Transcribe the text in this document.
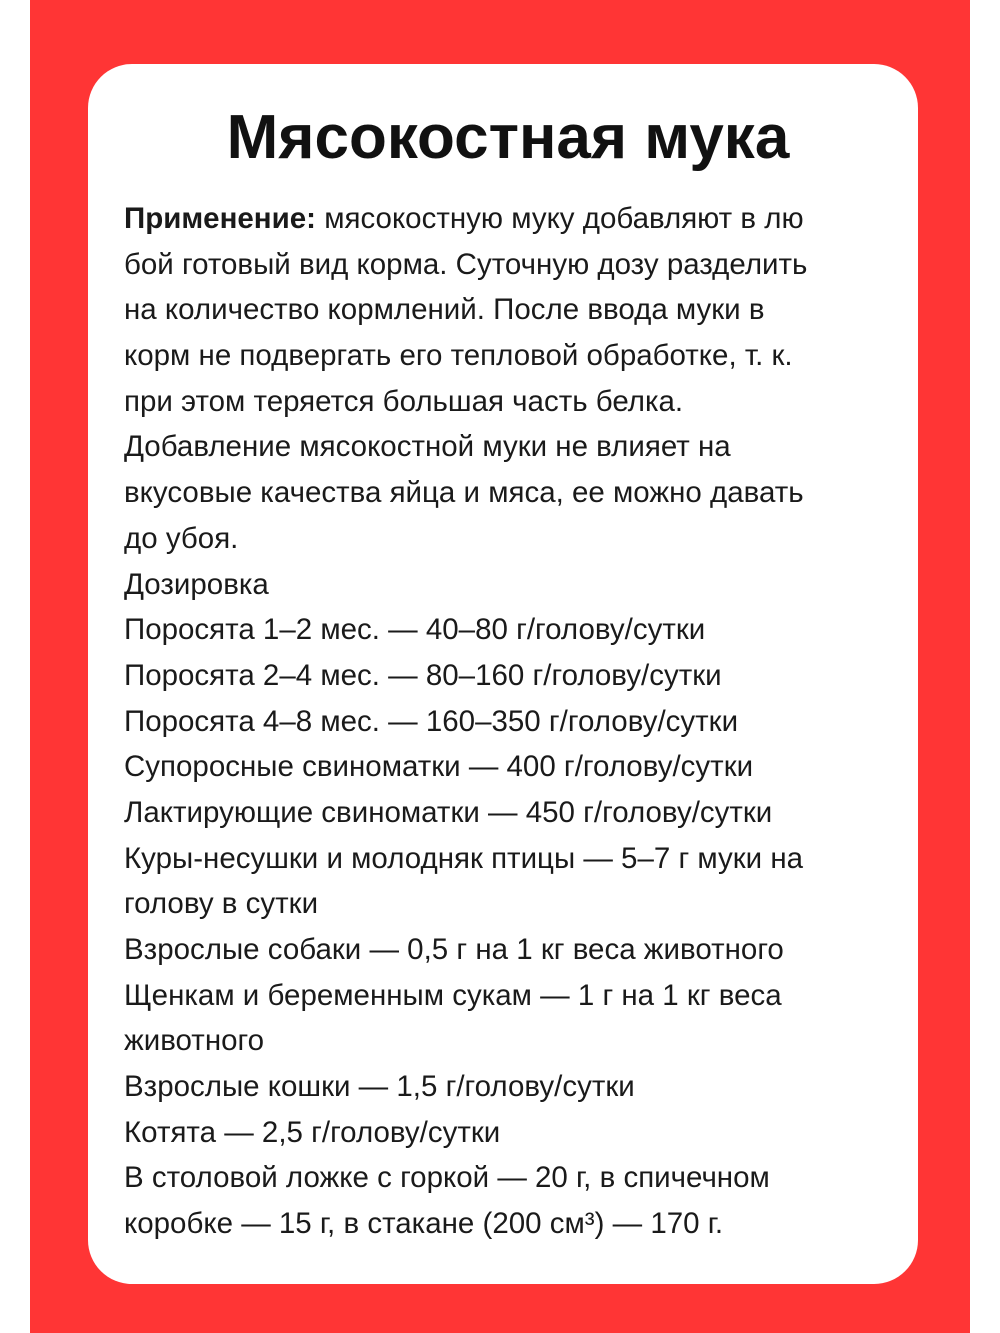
Мясокостная мука
Применение: мясокостную муку добавляют в лю
бой готовый вид корма. Суточную дозу разделить
на количество кормлений. После ввода муки в
корм не подвергать его тепловой обработке, т. к.
при этом теряется большая часть белка.
Добавление мясокостной муки не влияет на
вкусовые качества яйца и мяса, ее можно давать
до убоя.
Дозировка
Поросята 1–2 мес. — 40–80 г/голову/сутки
Поросята 2–4 мес. — 80–160 г/голову/сутки
Поросята 4–8 мес. — 160–350 г/голову/сутки
Супоросные свиноматки — 400 г/голову/сутки
Лактирующие свиноматки — 450 г/голову/сутки
Куры-несушки и молодняк птицы — 5–7 г муки на
голову в сутки
Взрослые собаки — 0,5 г на 1 кг веса животного
Щенкам и беременным сукам — 1 г на 1 кг веса
животного
Взрослые кошки — 1,5 г/голову/сутки
Котята — 2,5 г/голову/сутки
В столовой ложке с горкой — 20 г, в спичечном
коробке — 15 г, в стакане (200 см³) — 170 г.
